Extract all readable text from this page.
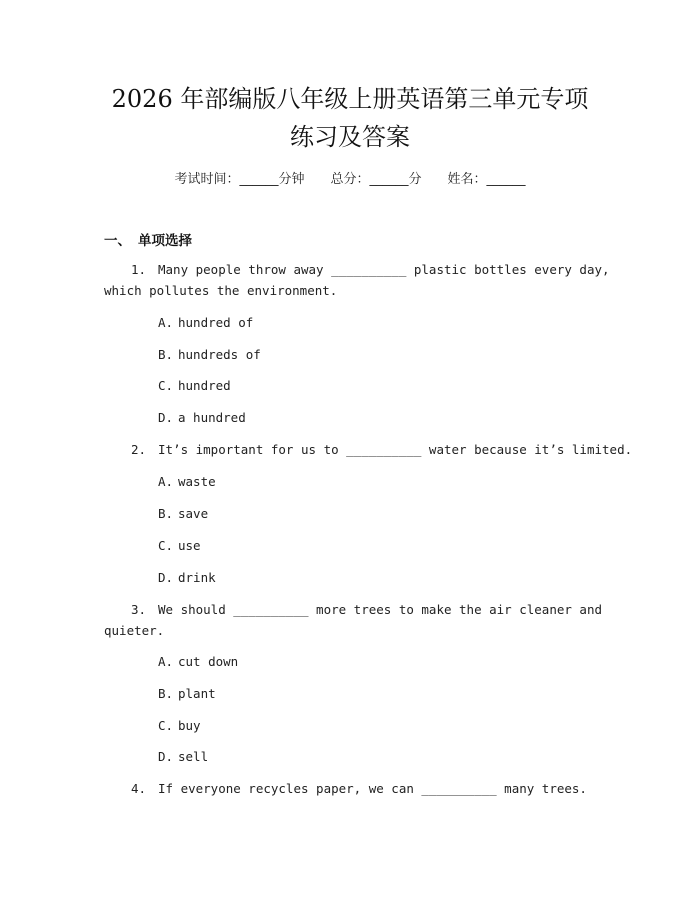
2026 年部编版八年级上册英语第三单元专项
练习及答案
考试时间：______分钟 总分：______分 姓名：______
一、 单项选择
1. Many people throw away __________ plastic bottles every day,
which pollutes the environment.
A. hundred of
B. hundreds of
C. hundred
D. a hundred
2. It’s important for us to __________ water because it’s limited.
A. waste
B. save
C. use
D. drink
3. We should __________ more trees to make the air cleaner and
quieter.
A. cut down
B. plant
C. buy
D. sell
4. If everyone recycles paper, we can __________ many trees.
